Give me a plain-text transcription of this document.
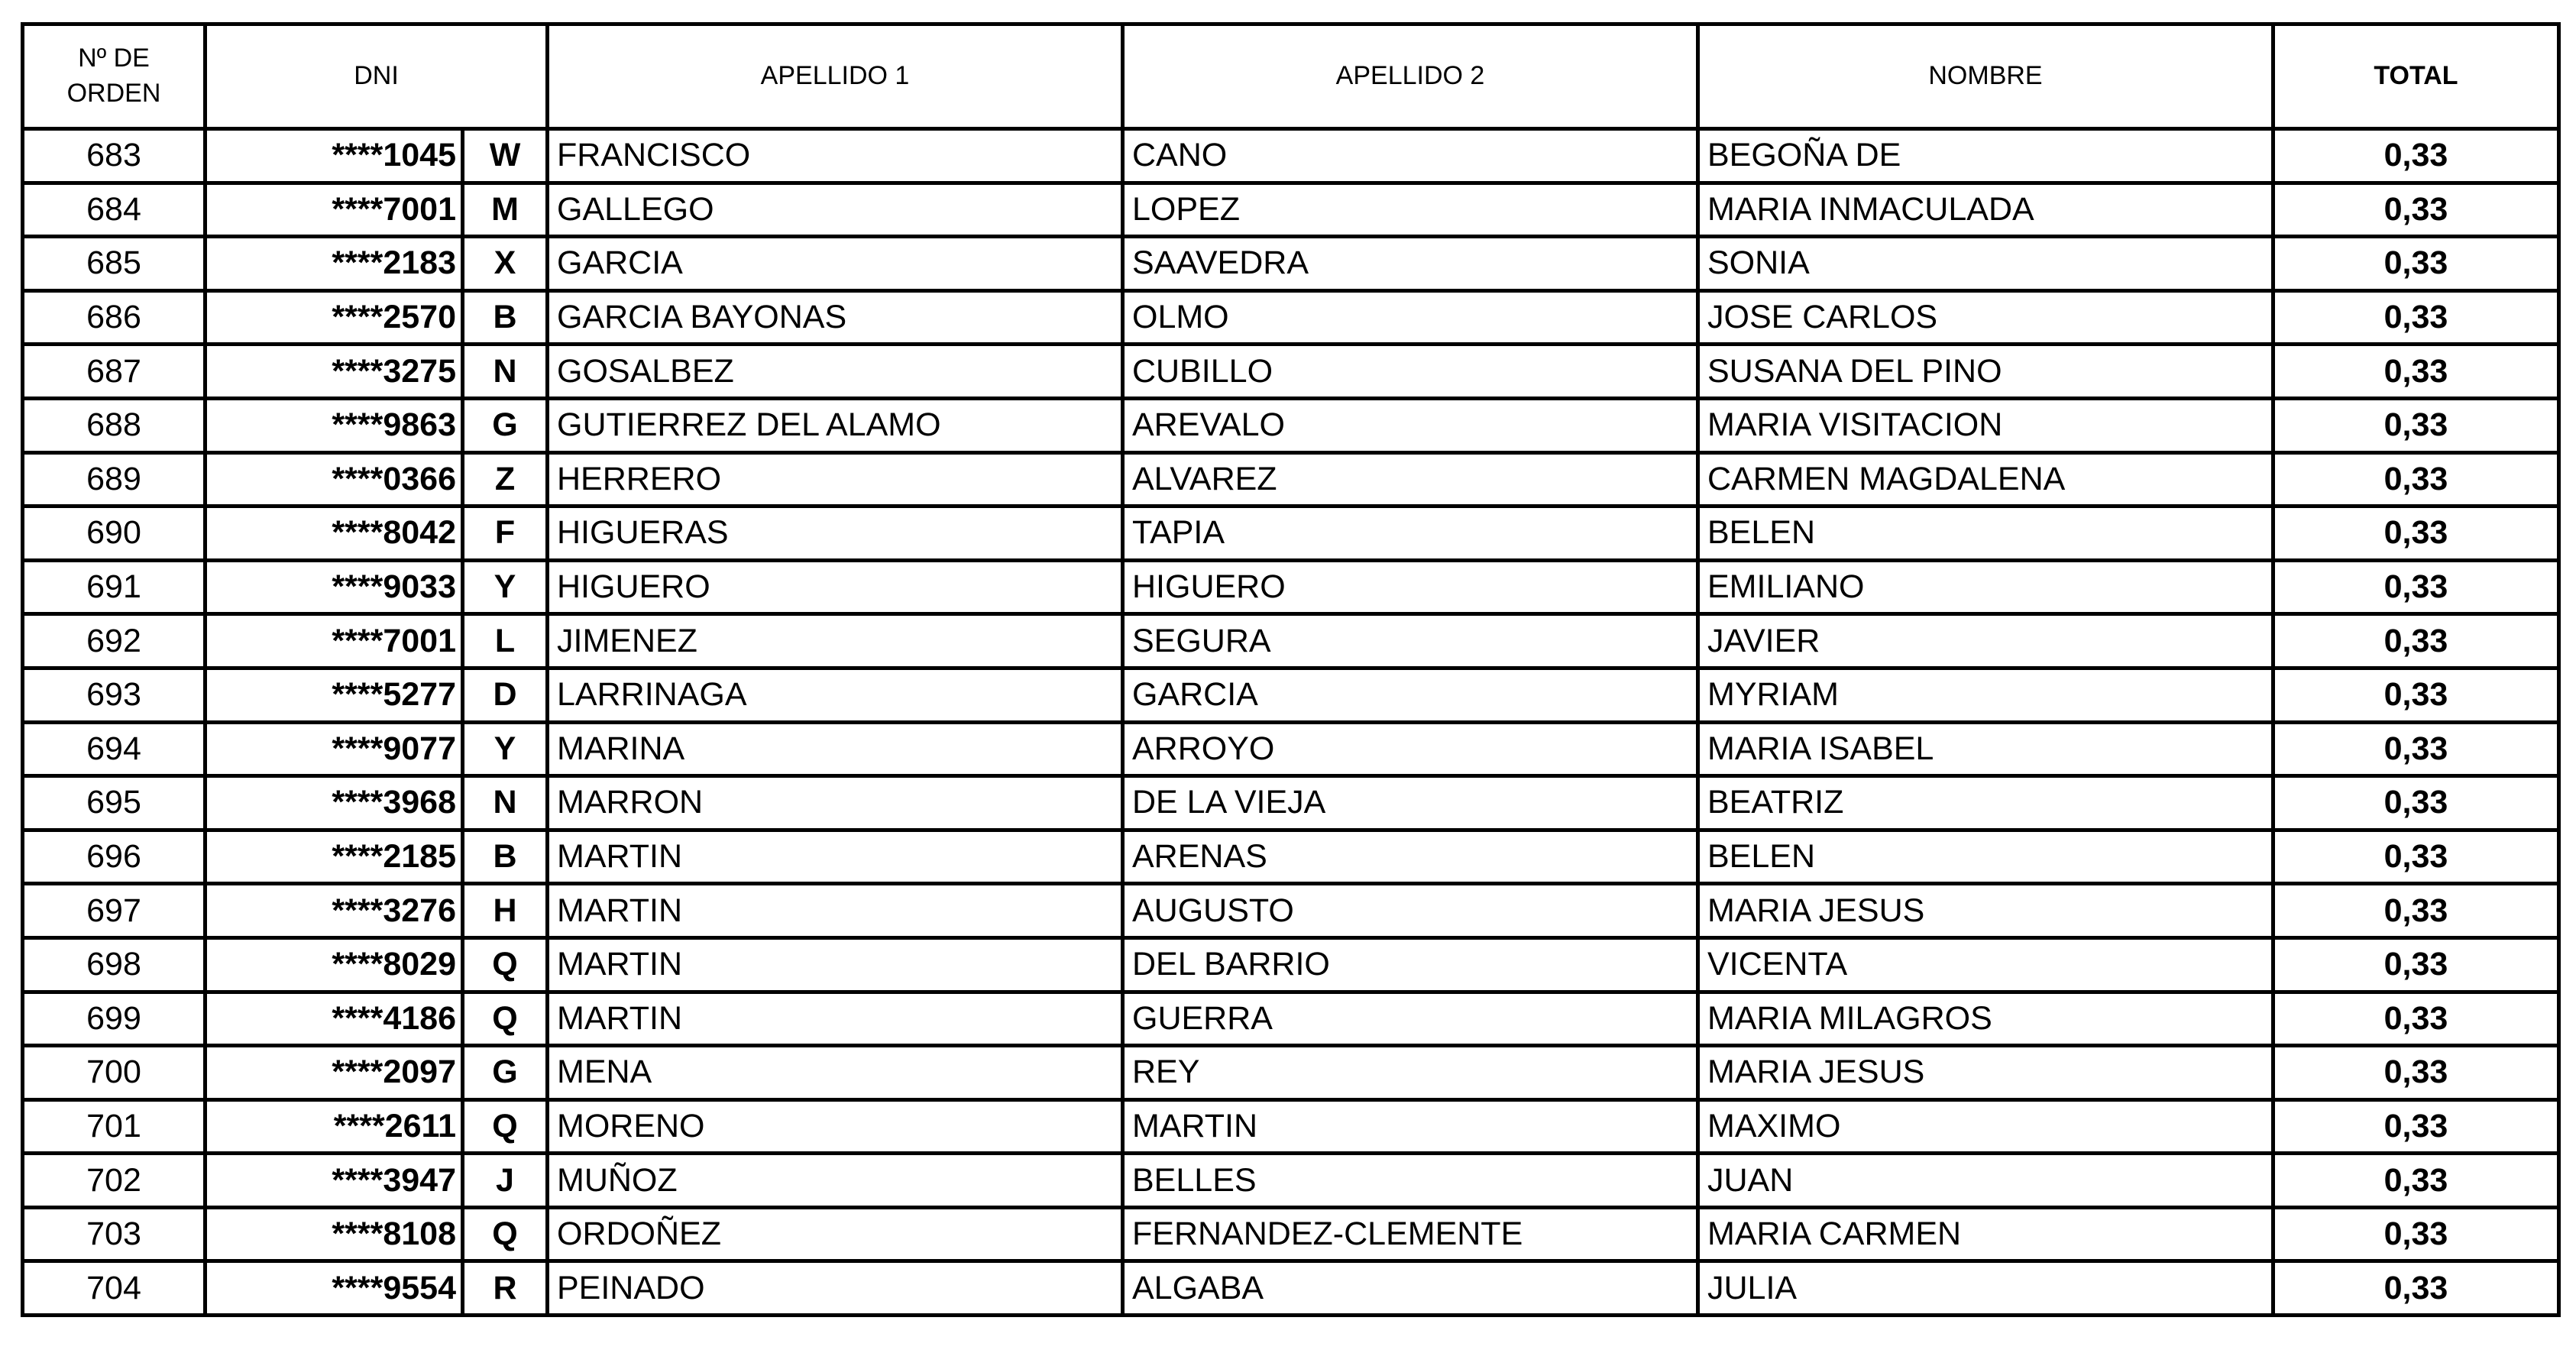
Nº DE ORDEN	DNI		APELLIDO 1	APELLIDO 2	NOMBRE	TOTAL
683	****1045	W	FRANCISCO	CANO	BEGOÑA DE	0,33
684	****7001	M	GALLEGO	LOPEZ	MARIA INMACULADA	0,33
685	****2183	X	GARCIA	SAAVEDRA	SONIA	0,33
686	****2570	B	GARCIA BAYONAS	OLMO	JOSE CARLOS	0,33
687	****3275	N	GOSALBEZ	CUBILLO	SUSANA DEL PINO	0,33
688	****9863	G	GUTIERREZ DEL ALAMO	AREVALO	MARIA VISITACION	0,33
689	****0366	Z	HERRERO	ALVAREZ	CARMEN MAGDALENA	0,33
690	****8042	F	HIGUERAS	TAPIA	BELEN	0,33
691	****9033	Y	HIGUERO	HIGUERO	EMILIANO	0,33
692	****7001	L	JIMENEZ	SEGURA	JAVIER	0,33
693	****5277	D	LARRINAGA	GARCIA	MYRIAM	0,33
694	****9077	Y	MARINA	ARROYO	MARIA ISABEL	0,33
695	****3968	N	MARRON	DE LA VIEJA	BEATRIZ	0,33
696	****2185	B	MARTIN	ARENAS	BELEN	0,33
697	****3276	H	MARTIN	AUGUSTO	MARIA JESUS	0,33
698	****8029	Q	MARTIN	DEL BARRIO	VICENTA	0,33
699	****4186	Q	MARTIN	GUERRA	MARIA MILAGROS	0,33
700	****2097	G	MENA	REY	MARIA JESUS	0,33
701	****2611	Q	MORENO	MARTIN	MAXIMO	0,33
702	****3947	J	MUÑOZ	BELLES	JUAN	0,33
703	****8108	Q	ORDOÑEZ	FERNANDEZ-CLEMENTE	MARIA CARMEN	0,33
704	****9554	R	PEINADO	ALGABA	JULIA	0,33
